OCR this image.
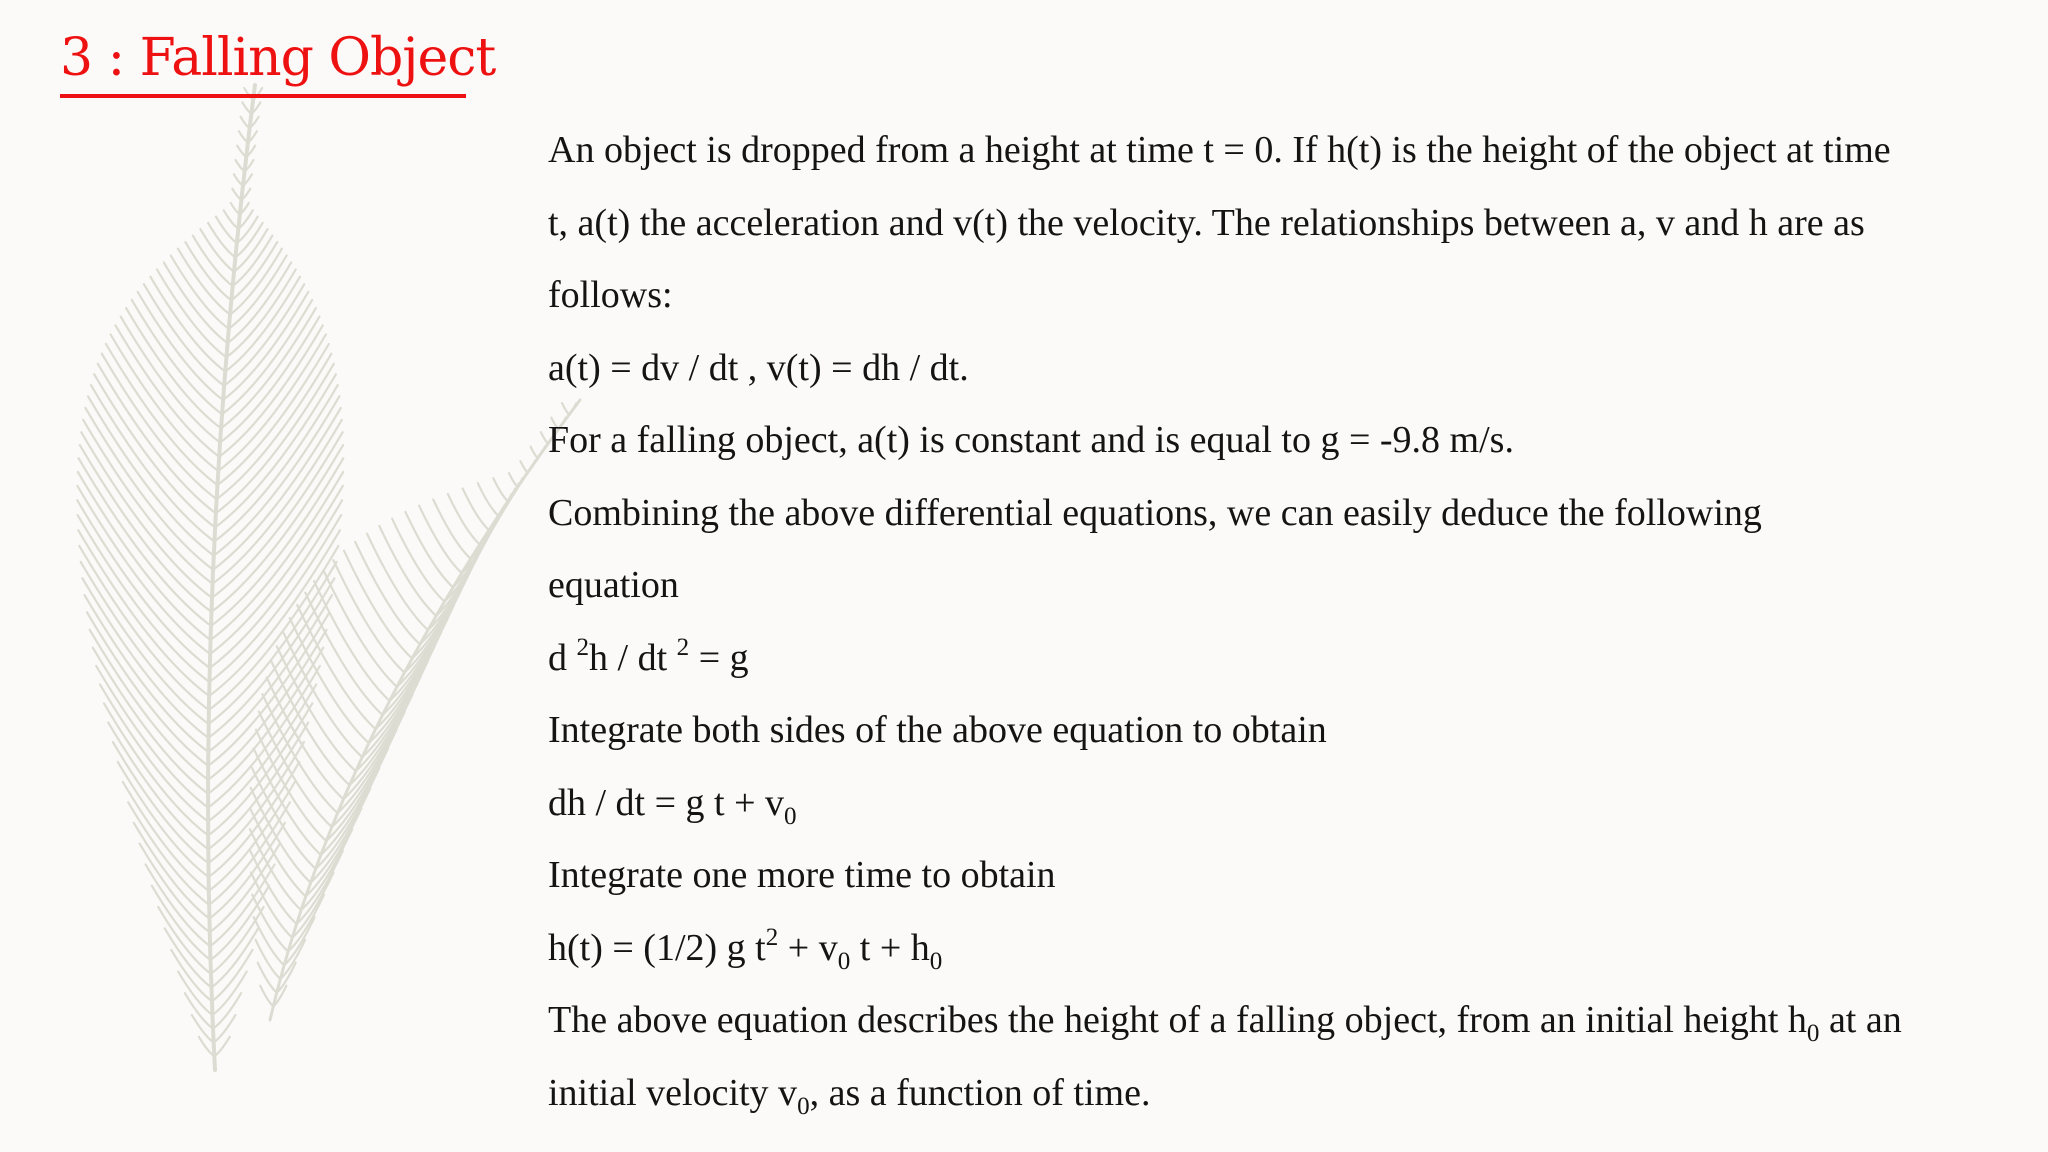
3 : Falling Object
An object is dropped from a height at time t = 0. If h(t) is the height of the object at time
t, a(t) the acceleration and v(t) the velocity. The relationships between a, v and h are as
follows:
a(t) = dv / dt , v(t) = dh / dt.
For a falling object, a(t) is constant and is equal to g = -9.8 m/s.
Combining the above differential equations, we can easily deduce the following
equation
d $^2$h / dt $^2$ = g
Integrate both sides of the above equation to obtain
dh / dt = g $t + v_0$
Integrate one more time to obtain
h(t) = (1/2) g $t^2 + v_0$ $t + h_0$
The above equation describes the height of a falling object, from an initial height $h_0$ at an
initial velocity $v_0$, as a function of time.
